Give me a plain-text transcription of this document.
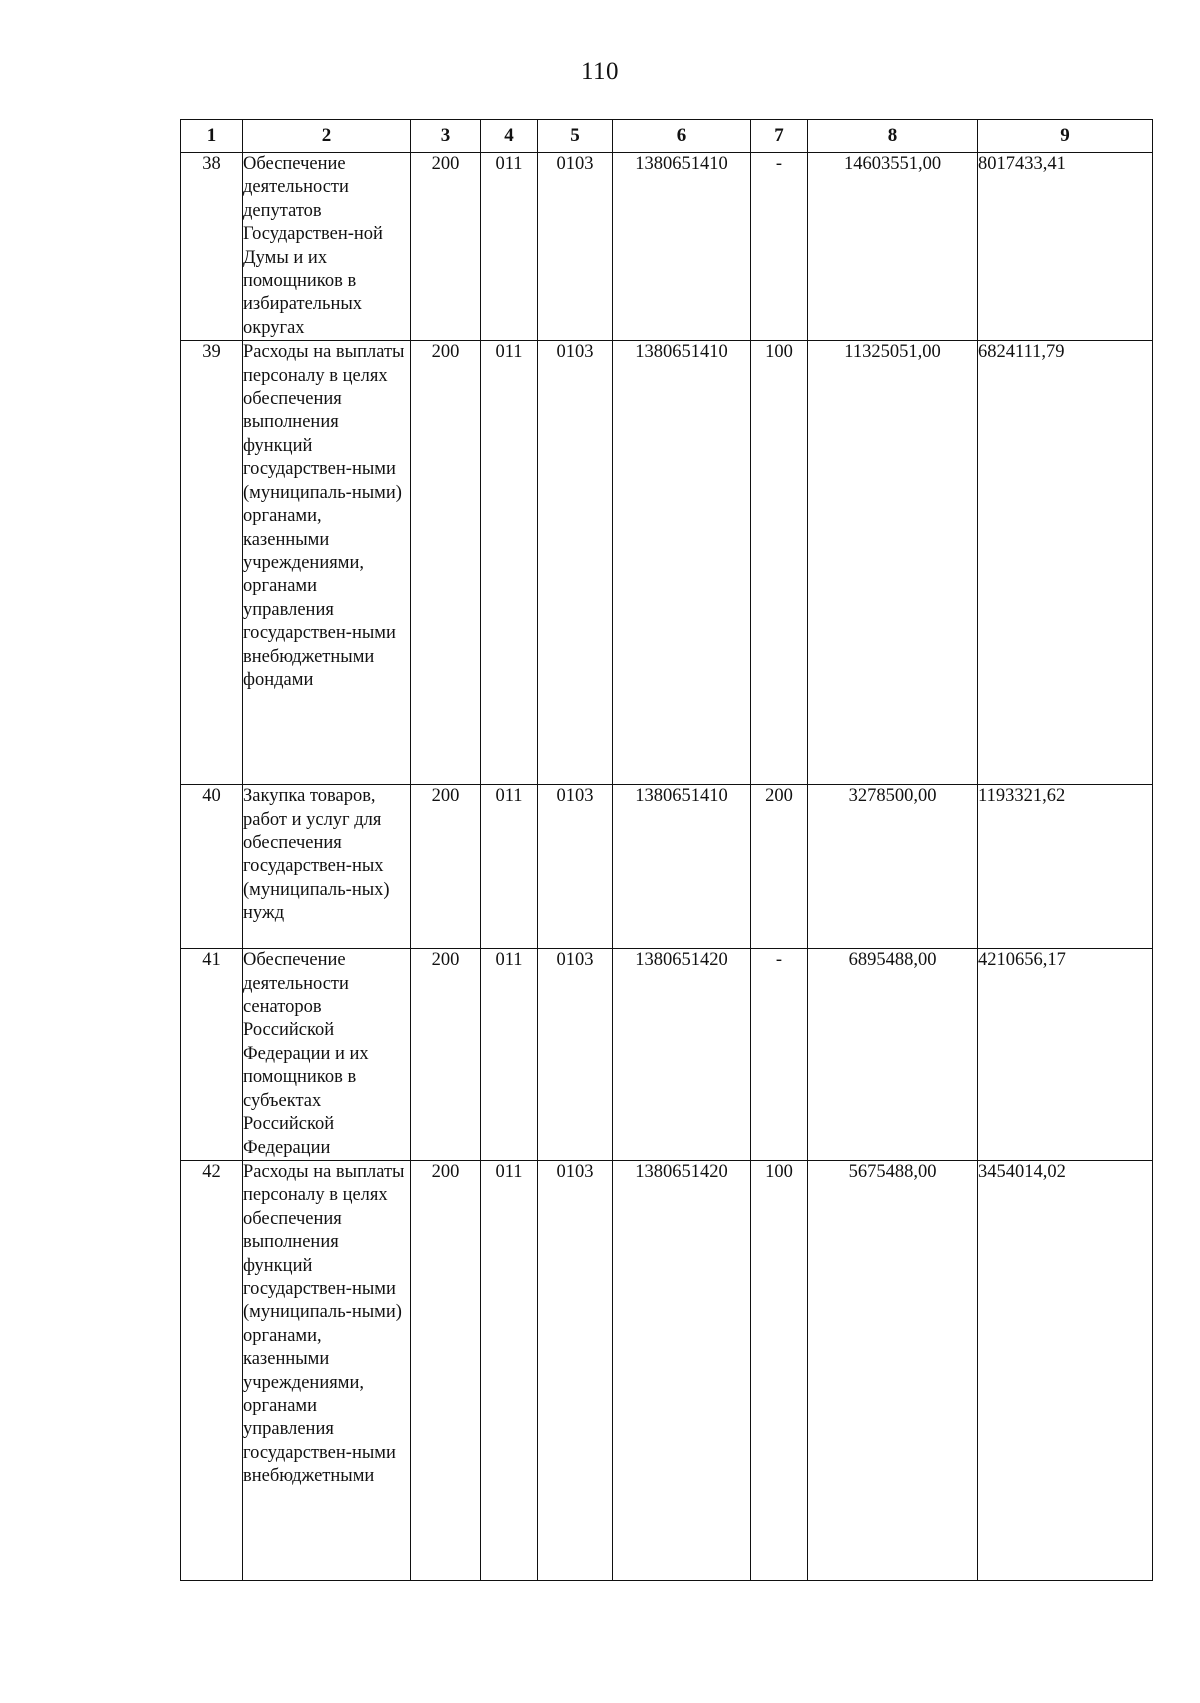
110
1	2	3	4	5	6	7	8	9
38	Обеспечение деятельности депутатов Государствен-ной Думы и их помощников в избирательных округах	200	011	0103	1380651410	-	14603551,00	8017433,41
39	Расходы на выплаты персоналу в целях обеспечения выполнения функций государствен-ными (муниципаль-ными) органами, казенными учреждениями, органами управления государствен-ными внебюджетными фондами	200	011	0103	1380651410	100	11325051,00	6824111,79
40	Закупка товаров, работ и услуг для обеспечения государствен-ных (муниципаль-ных) нужд	200	011	0103	1380651410	200	3278500,00	1193321,62
41	Обеспечение деятельности сенаторов Российской Федерации и их помощников в субъектах Российской Федерации	200	011	0103	1380651420	-	6895488,00	4210656,17
42	Расходы на выплаты персоналу в целях обеспечения выполнения функций государствен-ными (муниципаль-ными) органами, казенными учреждениями, органами управления государствен-ными внебюджетными	200	011	0103	1380651420	100	5675488,00	3454014,02
